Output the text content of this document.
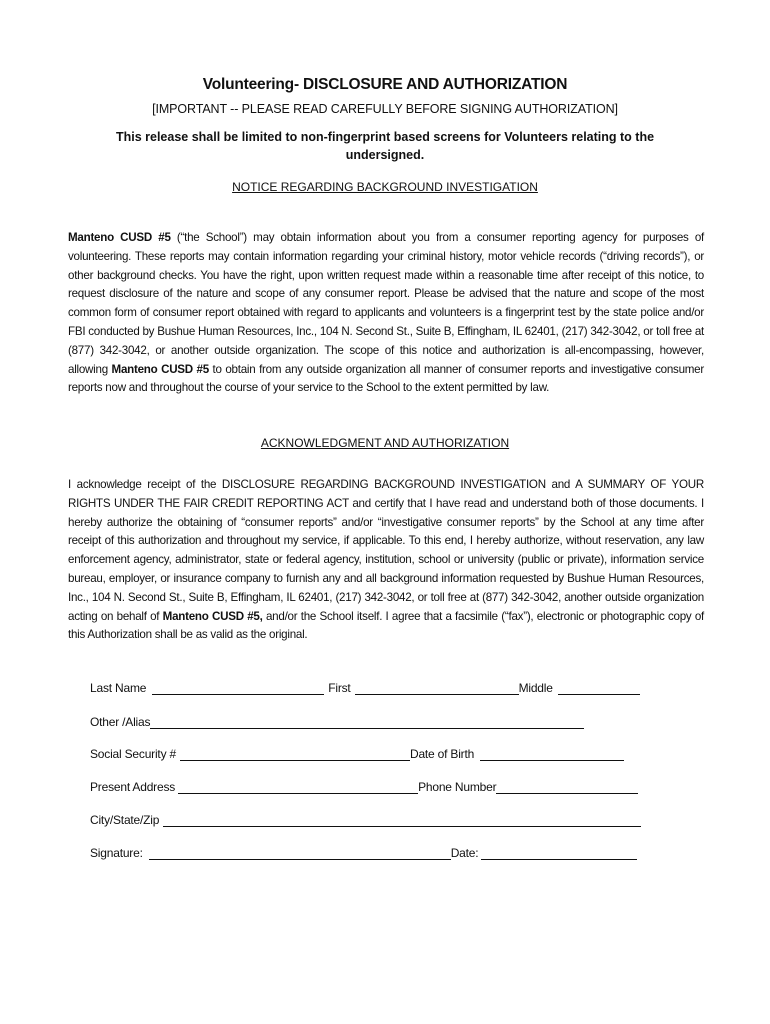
Volunteering- DISCLOSURE AND AUTHORIZATION
[IMPORTANT -- PLEASE READ CAREFULLY BEFORE SIGNING AUTHORIZATION]
This release shall be limited to non-fingerprint based screens for Volunteers relating to the undersigned.
NOTICE REGARDING BACKGROUND INVESTIGATION
Manteno CUSD #5 (“the School”) may obtain information about you from a consumer reporting agency for purposes of volunteering. These reports may contain information regarding your criminal history, motor vehicle records (“driving records”), or other background checks. You have the right, upon written request made within a reasonable time after receipt of this notice, to request disclosure of the nature and scope of any consumer report. Please be advised that the nature and scope of the most common form of consumer report obtained with regard to applicants and volunteers is a fingerprint test by the state police and/or FBI conducted by Bushue Human Resources, Inc., 104 N. Second St., Suite B, Effingham, IL 62401, (217) 342-3042, or toll free at (877) 342-3042, or another outside organization. The scope of this notice and authorization is all-encompassing, however, allowing Manteno CUSD #5 to obtain from any outside organization all manner of consumer reports and investigative consumer reports now and throughout the course of your service to the School to the extent permitted by law.
ACKNOWLEDGMENT AND AUTHORIZATION
I acknowledge receipt of the DISCLOSURE REGARDING BACKGROUND INVESTIGATION and A SUMMARY OF YOUR RIGHTS UNDER THE FAIR CREDIT REPORTING ACT and certify that I have read and understand both of those documents. I hereby authorize the obtaining of “consumer reports” and/or “investigative consumer reports” by the School at any time after receipt of this authorization and throughout my service, if applicable. To this end, I hereby authorize, without reservation, any law enforcement agency, administrator, state or federal agency, institution, school or university (public or private), information service bureau, employer, or insurance company to furnish any and all background information requested by Bushue Human Resources, Inc., 104 N. Second St., Suite B, Effingham, IL 62401, (217) 342-3042, or toll free at (877) 342-3042, another outside organization acting on behalf of Manteno CUSD #5, and/or the School itself. I agree that a facsimile (“fax”), electronic or photographic copy of this Authorization shall be as valid as the original.
Last Name	First	Middle
Other /Alias
Social Security #	Date of Birth
Present Address	Phone Number
City/State/Zip
Signature:	Date:
